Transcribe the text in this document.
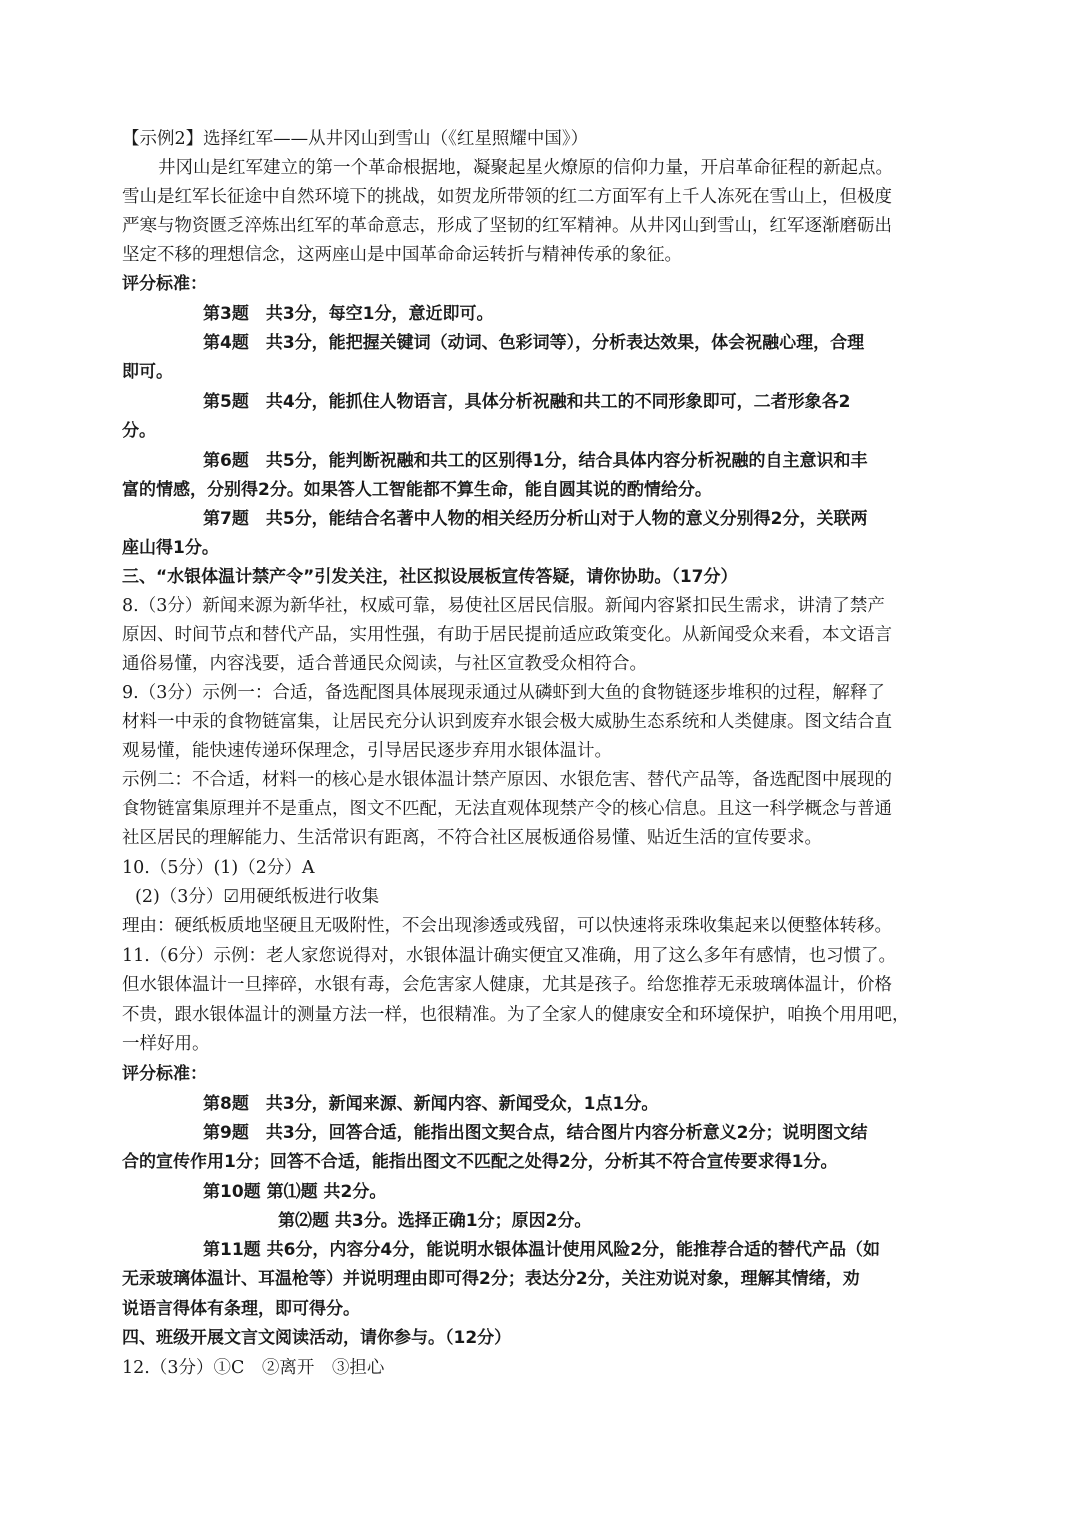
【示例2】选择红军——从井冈山到雪山（《红星照耀中国》）
井冈山是红军建立的第一个革命根据地，凝聚起星火燎原的信仰力量，开启革命征程的新起点。
雪山是红军长征途中自然环境下的挑战，如贺龙所带领的红二方面军有上千人冻死在雪山上，但极度
严寒与物资匮乏淬炼出红军的革命意志，形成了坚韧的红军精神。从井冈山到雪山，红军逐渐磨砺出
坚定不移的理想信念，这两座山是中国革命命运转折与精神传承的象征。
评分标准：
第3题　共3分，每空1分，意近即可。
第4题　共3分，能把握关键词（动词、色彩词等），分析表达效果，体会祝融心理，合理
即可。
第5题　共4分，能抓住人物语言，具体分析祝融和共工的不同形象即可，二者形象各2
分。
第6题　共5分，能判断祝融和共工的区别得1分，结合具体内容分析祝融的自主意识和丰
富的情感，分别得2分。如果答人工智能都不算生命，能自圆其说的酌情给分。
第7题　共5分，能结合名著中人物的相关经历分析山对于人物的意义分别得2分，关联两
座山得1分。
三、“水银体温计禁产令”引发关注，社区拟设展板宣传答疑，请你协助。（17分）
8.（3分）新闻来源为新华社，权威可靠，易使社区居民信服。新闻内容紧扣民生需求，讲清了禁产
原因、时间节点和替代产品，实用性强，有助于居民提前适应政策变化。从新闻受众来看，本文语言
通俗易懂，内容浅要，适合普通民众阅读，与社区宣教受众相符合。
9.（3分）示例一：合适，备选配图具体展现汞通过从磷虾到大鱼的食物链逐步堆积的过程，解释了
材料一中汞的食物链富集，让居民充分认识到废弃水银会极大威胁生态系统和人类健康。图文结合直
观易懂，能快速传递环保理念，引导居民逐步弃用水银体温计。
示例二：不合适，材料一的核心是水银体温计禁产原因、水银危害、替代产品等，备选配图中展现的
食物链富集原理并不是重点，图文不匹配，无法直观体现禁产令的核心信息。且这一科学概念与普通
社区居民的理解能力、生活常识有距离，不符合社区展板通俗易懂、贴近生活的宣传要求。
10.（5分）(1)（2分）A
(2)（3分）☑用硬纸板进行收集
理由：硬纸板质地坚硬且无吸附性，不会出现渗透或残留，可以快速将汞珠收集起来以便整体转移。
11.（6分）示例：老人家您说得对，水银体温计确实便宜又准确，用了这么多年有感情，也习惯了。
但水银体温计一旦摔碎，水银有毒，会危害家人健康，尤其是孩子。给您推荐无汞玻璃体温计，价格
不贵，跟水银体温计的测量方法一样，也很精准。为了全家人的健康安全和环境保护，咱换个用用吧，
一样好用。
评分标准：
第8题　共3分，新闻来源、新闻内容、新闻受众，1点1分。
第9题　共3分，回答合适，能指出图文契合点，结合图片内容分析意义2分；说明图文结
合的宣传作用1分；回答不合适，能指出图文不匹配之处得2分，分析其不符合宣传要求得1分。
第10题 第⑴题 共2分。
第⑵题 共3分。选择正确1分；原因2分。
第11题 共6分，内容分4分，能说明水银体温计使用风险2分，能推荐合适的替代产品（如
无汞玻璃体温计、耳温枪等）并说明理由即可得2分；表达分2分，关注劝说对象，理解其情绪，劝
说语言得体有条理，即可得分。
四、班级开展文言文阅读活动，请你参与。（12分）
12.（3分）①C　②离开　③担心
